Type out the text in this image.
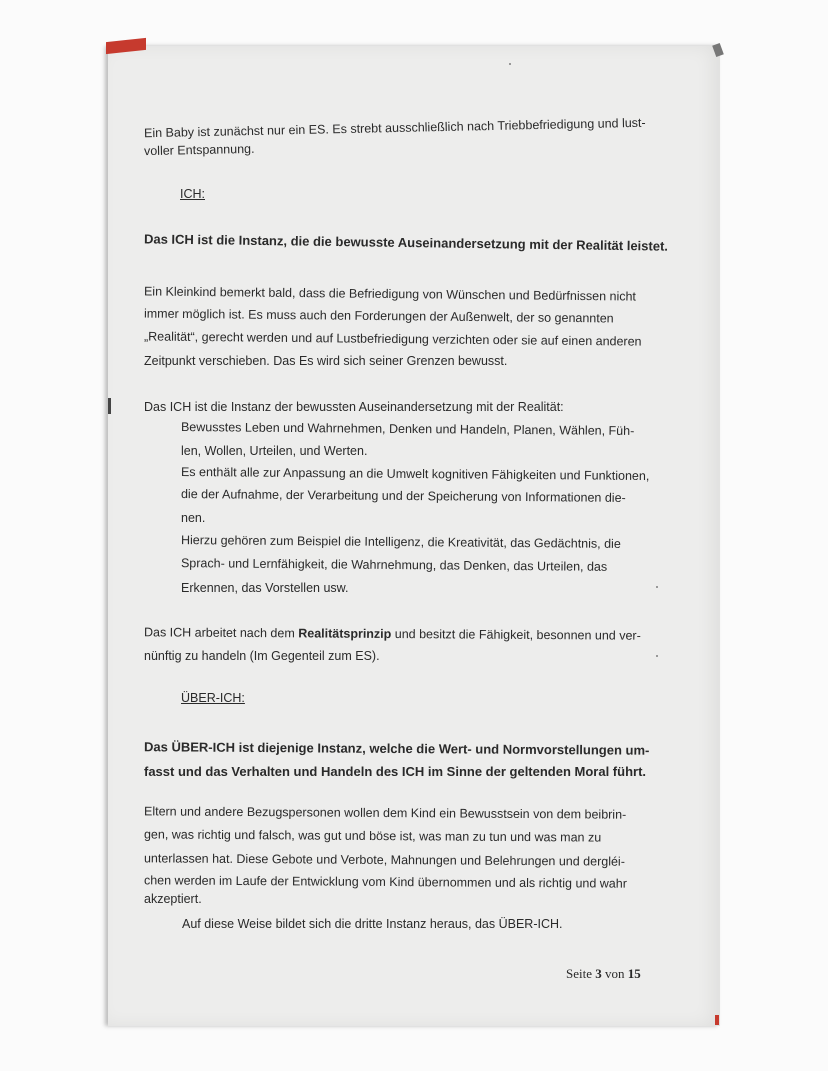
Ein Baby ist zunächst nur ein ES. Es strebt ausschließlich nach Triebbefriedigung und lust-
voller Entspannung.
ICH:
Das ICH ist die Instanz, die die bewusste Auseinandersetzung mit der Realität leistet.
Ein Kleinkind bemerkt bald, dass die Befriedigung von Wünschen und Bedürfnissen nicht
immer möglich ist. Es muss auch den Forderungen der Außenwelt, der so genannten
„Realität“, gerecht werden und auf Lustbefriedigung verzichten oder sie auf einen anderen
Zeitpunkt verschieben. Das Es wird sich seiner Grenzen bewusst.
Das ICH ist die Instanz der bewussten Auseinandersetzung mit der Realität:
Bewusstes Leben und Wahrnehmen, Denken und Handeln, Planen, Wählen, Füh-
len, Wollen, Urteilen, und Werten.
Es enthält alle zur Anpassung an die Umwelt kognitiven Fähigkeiten und Funktionen,
die der Aufnahme, der Verarbeitung und der Speicherung von Informationen die-
nen.
Hierzu gehören zum Beispiel die Intelligenz, die Kreativität, das Gedächtnis, die
Sprach- und Lernfähigkeit, die Wahrnehmung, das Denken, das Urteilen, das
Erkennen, das Vorstellen usw.
Das ICH arbeitet nach dem Realitätsprinzip und besitzt die Fähigkeit, besonnen und ver-
nünftig zu handeln (Im Gegenteil zum ES).
ÜBER-ICH:
Das ÜBER-ICH ist diejenige Instanz, welche die Wert- und Normvorstellungen um-
fasst und das Verhalten und Handeln des ICH im Sinne der geltenden Moral führt.
Eltern und andere Bezugspersonen wollen dem Kind ein Bewusstsein von dem beibrin-
gen, was richtig und falsch, was gut und böse ist, was man zu tun und was man zu
unterlassen hat. Diese Gebote und Verbote, Mahnungen und Belehrungen und dergléi-
chen werden im Laufe der Entwicklung vom Kind übernommen und als richtig und wahr
akzeptiert.
Auf diese Weise bildet sich die dritte Instanz heraus, das ÜBER-ICH.
Seite 3 von 15
